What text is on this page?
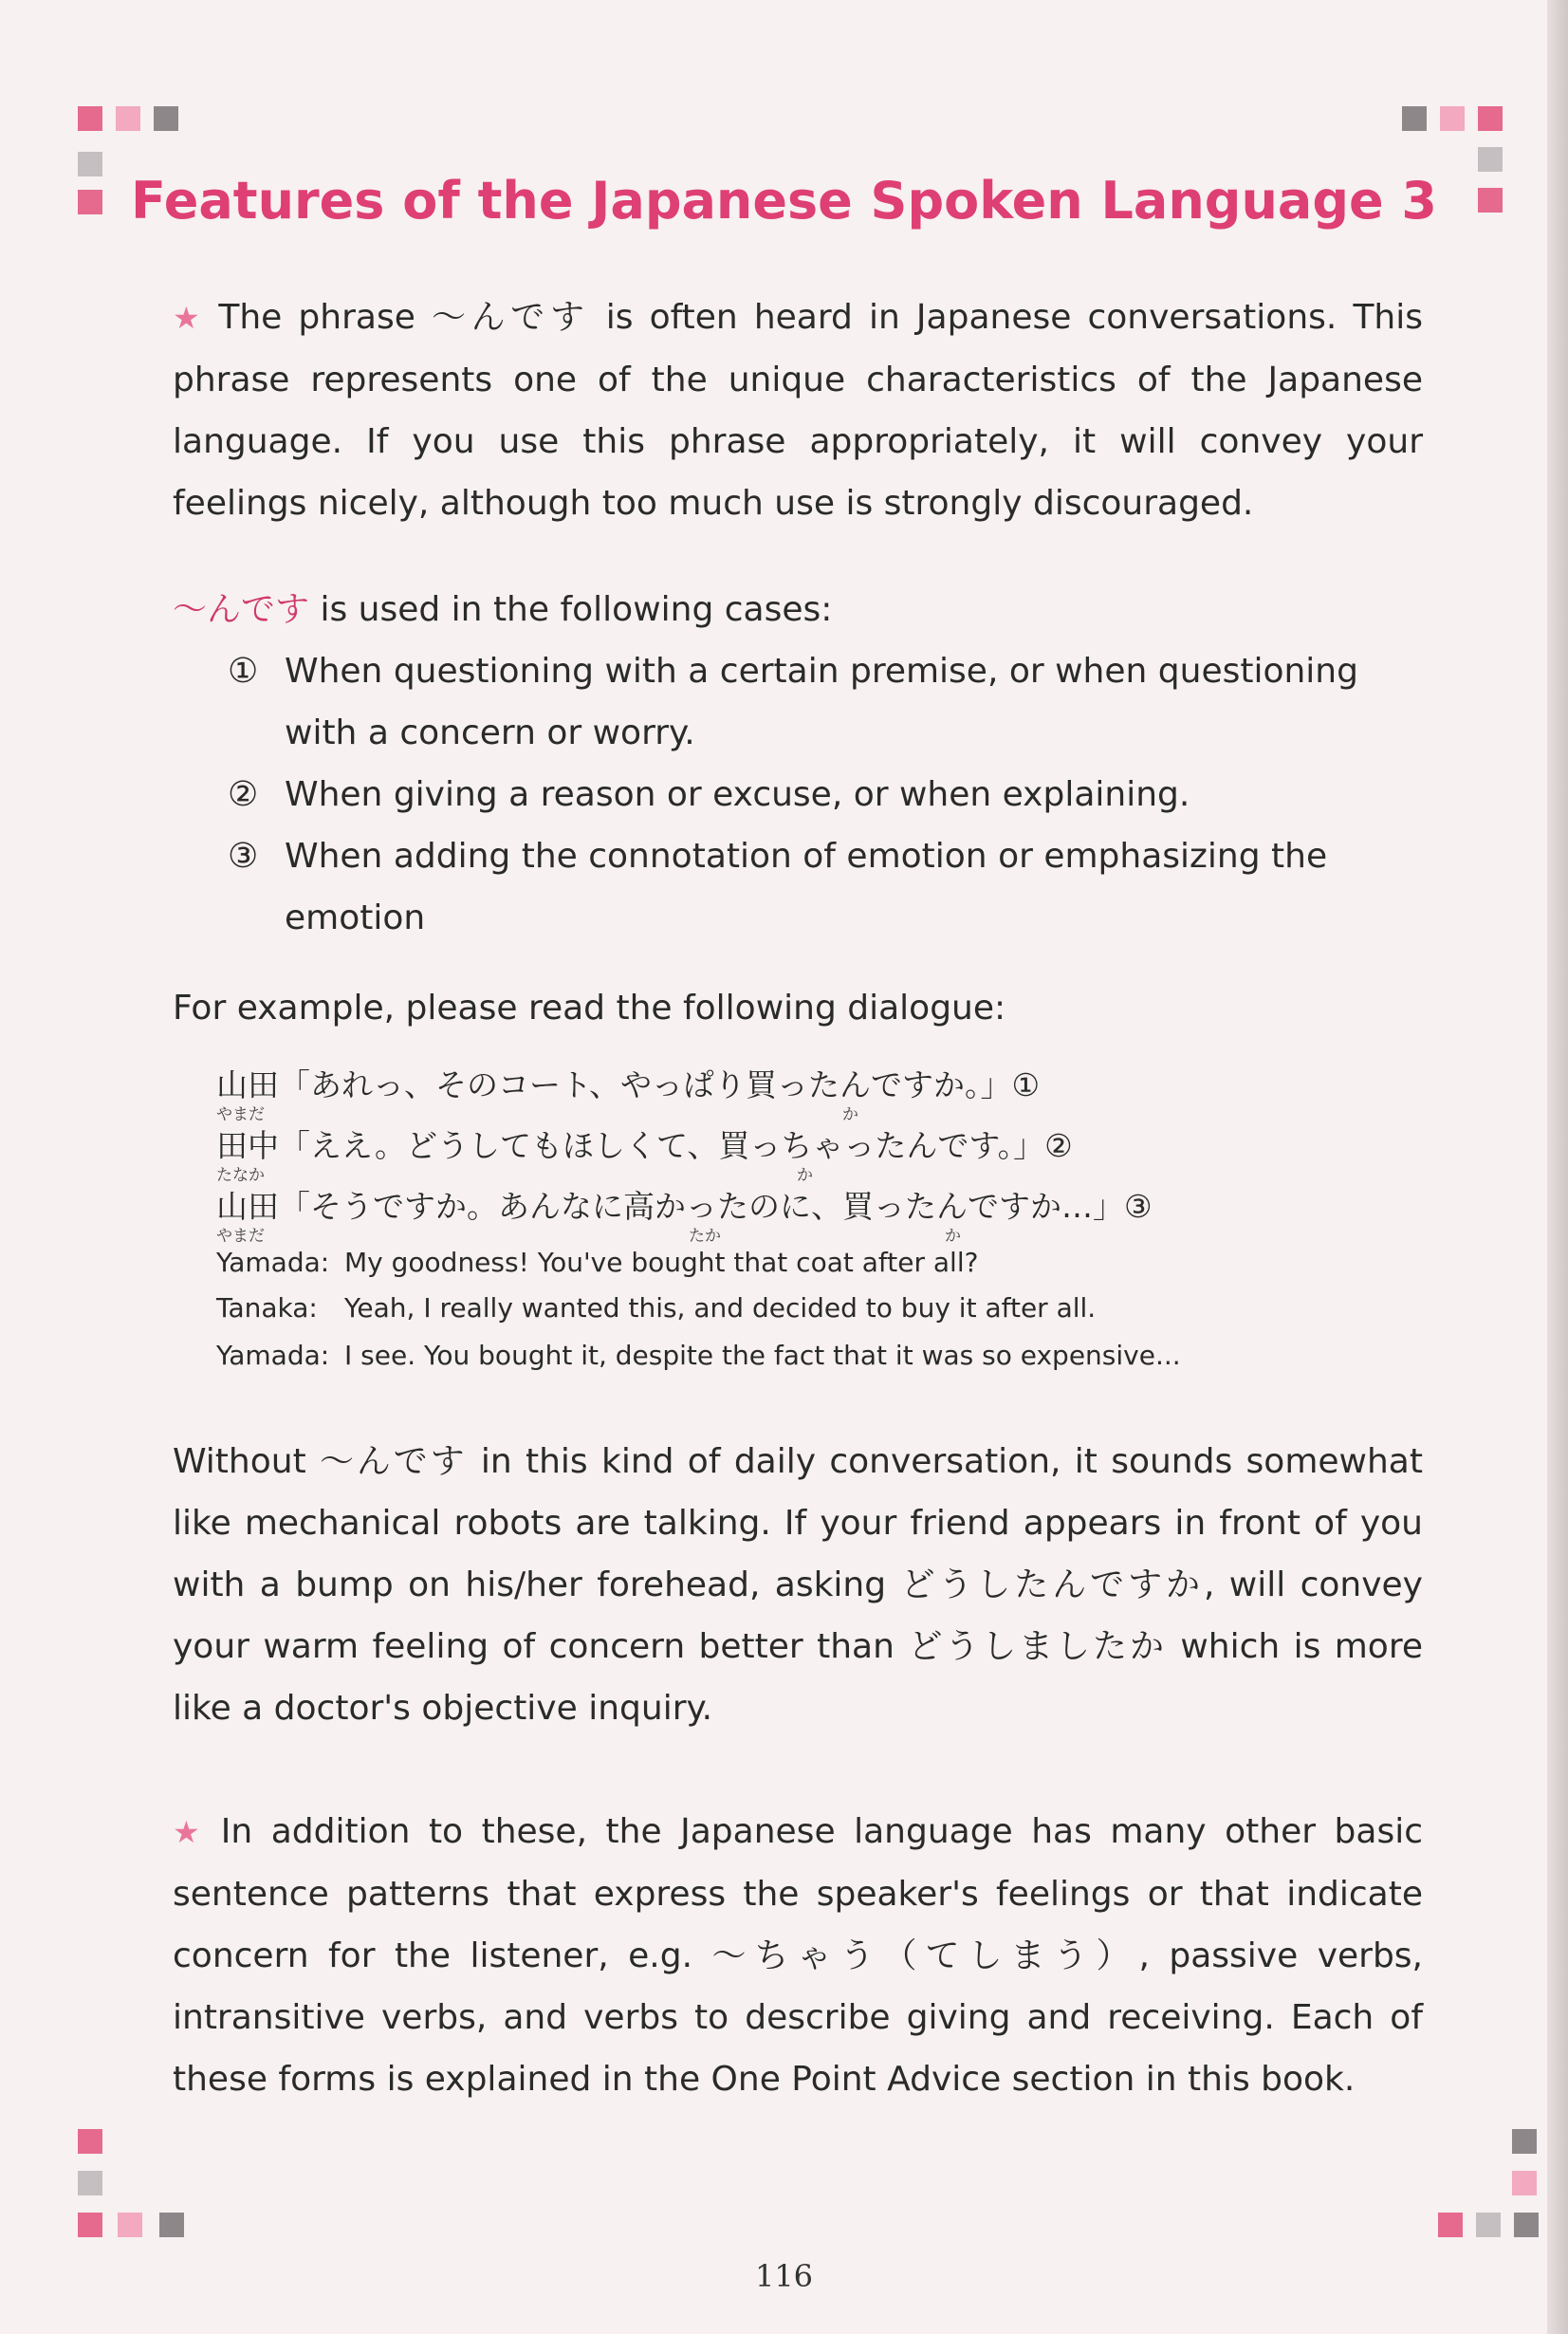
Features of the Japanese Spoken Language 3

★ The phrase ～んです is often heard in Japanese conversations. This phrase represents one of the unique characteristics of the Japanese language. If you use this phrase appropriately, it will convey your feelings nicely, although too much use is strongly discouraged.

～んです is used in the following cases:

① When questioning with a certain premise, or when questioning with a concern or worry.
② When giving a reason or excuse, or when explaining.
③ When adding the connotation of emotion or emphasizing the emotion

For example, please read the following dialogue:

山田「あれっ、そのコート、やっぱり買ったんですか。」①
やまだ	か
田中「ええ。どうしてもほしくて、買っちゃったんです。」②
たなか	か
山田「そうですか。あんなに高かったのに、買ったんですか…」③
やまだ	たか	か
Yamada: My goodness! You've bought that coat after all?
Tanaka: Yeah, I really wanted this, and decided to buy it after all.
Yamada: I see. You bought it, despite the fact that it was so expensive...

Without ～んです in this kind of daily conversation, it sounds somewhat like mechanical robots are talking. If your friend appears in front of you with a bump on his/her forehead, asking どうしたんですか, will convey your warm feeling of concern better than どうしましたか which is more like a doctor's objective inquiry.

★ In addition to these, the Japanese language has many other basic sentence patterns that express the speaker's feelings or that indicate concern for the listener, e.g. ～ちゃう（てしまう）, passive verbs, intransitive verbs, and verbs to describe giving and receiving. Each of these forms is explained in the One Point Advice section in this book.

116
